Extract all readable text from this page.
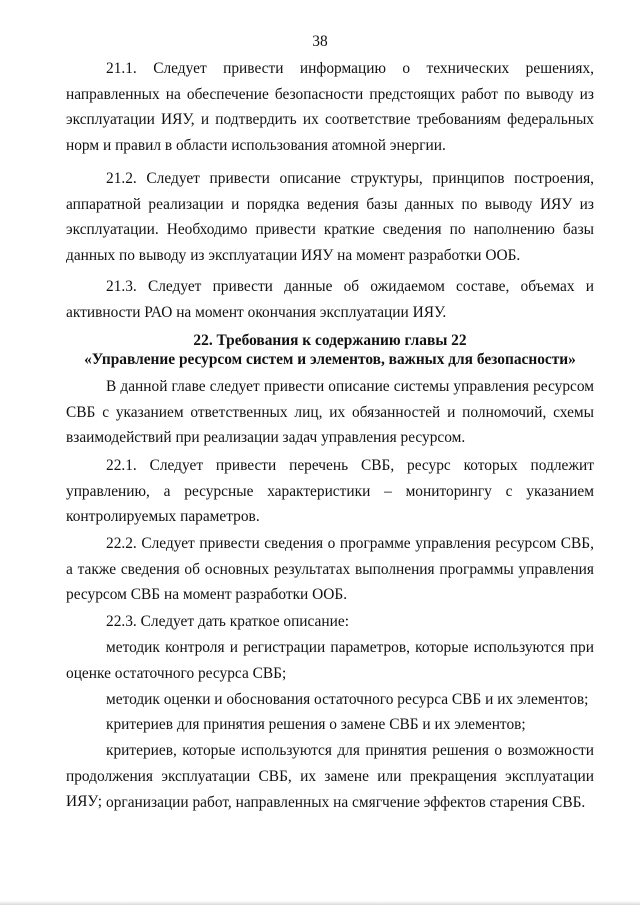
38

21.1. Следует привести информацию о технических решениях, направленных на обеспечение безопасности предстоящих работ по выводу из эксплуатации ИЯУ, и подтвердить их соответствие требованиям федеральных норм и правил в области использования атомной энергии.

21.2. Следует привести описание структуры, принципов построения, аппаратной реализации и порядка ведения базы данных по выводу ИЯУ из эксплуатации. Необходимо привести краткие сведения по наполнению базы данных по выводу из эксплуатации ИЯУ на момент разработки ООБ.

21.3. Следует привести данные об ожидаемом составе, объемах и активности РАО на момент окончания эксплуатации ИЯУ.

22. Требования к содержанию главы 22
«Управление ресурсом систем и элементов, важных для безопасности»

В данной главе следует привести описание системы управления ресурсом СВБ с указанием ответственных лиц, их обязанностей и полномочий, схемы взаимодействий при реализации задач управления ресурсом.

22.1. Следует привести перечень СВБ, ресурс которых подлежит управлению, а ресурсные характеристики – мониторингу с указанием контролируемых параметров.

22.2. Следует привести сведения о программе управления ресурсом СВБ, а также сведения об основных результатах выполнения программы управления ресурсом СВБ на момент разработки ООБ.

22.3. Следует дать краткое описание:

методик контроля и регистрации параметров, которые используются при оценке остаточного ресурса СВБ;

методик оценки и обоснования остаточного ресурса СВБ и их элементов;

критериев для принятия решения о замене СВБ и их элементов;

критериев, которые используются для принятия решения о возможности продолжения эксплуатации СВБ, их замене или прекращения эксплуатации ИЯУ; организации работ, направленных на смягчение эффектов старения СВБ.
